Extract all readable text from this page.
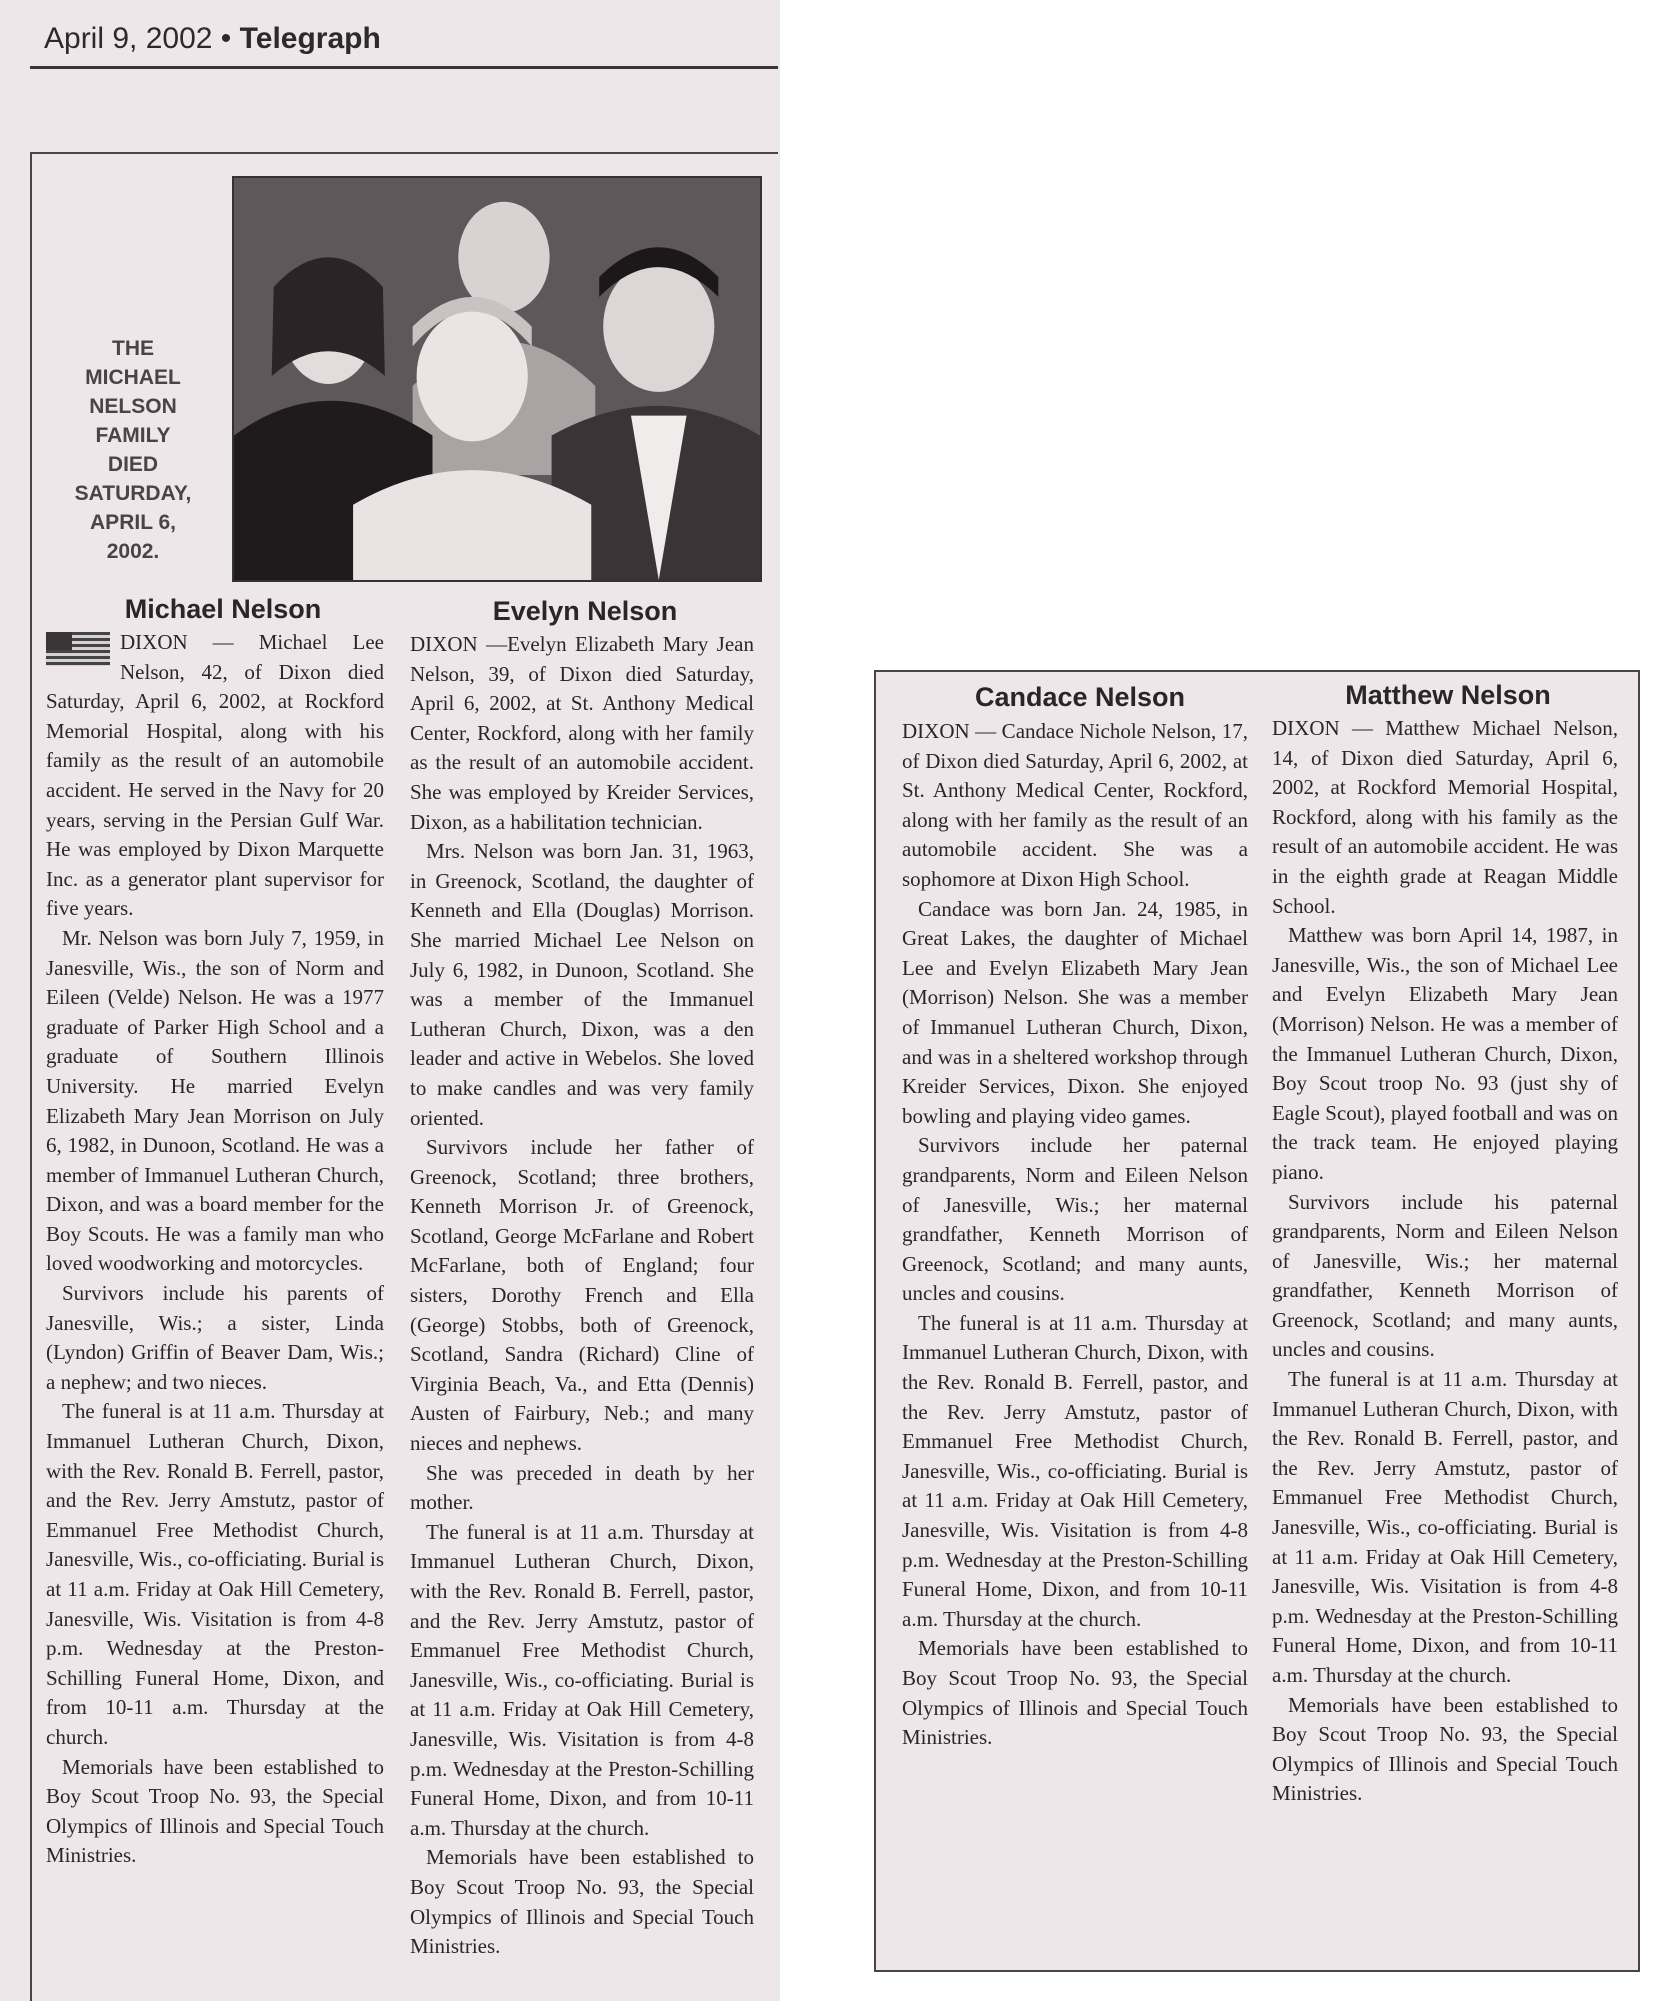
April 9, 2002 • Telegraph
THE
MICHAEL
NELSON
FAMILY
DIED
SATURDAY,
APRIL 6,
2002.
Michael Nelson

DIXON — Michael Lee Nelson, 42, of Dixon died Saturday, April 6, 2002, at Rockford Memorial Hospital, along with his family as the result of an automobile accident. He served in the Navy for 20 years, serving in the Persian Gulf War. He was employed by Dixon Marquette Inc. as a generator plant supervisor for five years.

Mr. Nelson was born July 7, 1959, in Janesville, Wis., the son of Norm and Eileen (Velde) Nelson. He was a 1977 graduate of Parker High School and a graduate of Southern Illinois University. He married Evelyn Elizabeth Mary Jean Morrison on July 6, 1982, in Dunoon, Scotland. He was a member of Immanuel Lutheran Church, Dixon, and was a board member for the Boy Scouts. He was a family man who loved woodworking and motorcycles.

Survivors include his parents of Janesville, Wis.; a sister, Linda (Lyndon) Griffin of Beaver Dam, Wis.; a nephew; and two nieces.

The funeral is at 11 a.m. Thursday at Immanuel Lutheran Church, Dixon, with the Rev. Ronald B. Ferrell, pastor, and the Rev. Jerry Amstutz, pastor of Emmanuel Free Methodist Church, Janesville, Wis., co-officiating. Burial is at 11 a.m. Friday at Oak Hill Cemetery, Janesville, Wis. Visitation is from 4-8 p.m. Wednesday at the Preston-Schilling Funeral Home, Dixon, and from 10-11 a.m. Thursday at the church.

Memorials have been established to Boy Scout Troop No. 93, the Special Olympics of Illinois and Special Touch Ministries.

Evelyn Nelson

DIXON —Evelyn Elizabeth Mary Jean Nelson, 39, of Dixon died Saturday, April 6, 2002, at St. Anthony Medical Center, Rockford, along with her family as the result of an automobile accident. She was employed by Kreider Services, Dixon, as a habilitation technician.

Mrs. Nelson was born Jan. 31, 1963, in Greenock, Scotland, the daughter of Kenneth and Ella (Douglas) Morrison. She married Michael Lee Nelson on July 6, 1982, in Dunoon, Scotland. She was a member of the Immanuel Lutheran Church, Dixon, was a den leader and active in Webelos. She loved to make candles and was very family oriented.

Survivors include her father of Greenock, Scotland; three brothers, Kenneth Morrison Jr. of Greenock, Scotland, George McFarlane and Robert McFarlane, both of England; four sisters, Dorothy French and Ella (George) Stobbs, both of Greenock, Scotland, Sandra (Richard) Cline of Virginia Beach, Va., and Etta (Dennis) Austen of Fairbury, Neb.; and many nieces and nephews.

She was preceded in death by her mother.

The funeral is at 11 a.m. Thursday at Immanuel Lutheran Church, Dixon, with the Rev. Ronald B. Ferrell, pastor, and the Rev. Jerry Amstutz, pastor of Emmanuel Free Methodist Church, Janesville, Wis., co-officiating. Burial is at 11 a.m. Friday at Oak Hill Cemetery, Janesville, Wis. Visitation is from 4-8 p.m. Wednesday at the Preston-Schilling Funeral Home, Dixon, and from 10-11 a.m. Thursday at the church.

Memorials have been established to Boy Scout Troop No. 93, the Special Olympics of Illinois and Special Touch Ministries.

Candace Nelson

DIXON — Candace Nichole Nelson, 17, of Dixon died Saturday, April 6, 2002, at St. Anthony Medical Center, Rockford, along with her family as the result of an automobile accident. She was a sophomore at Dixon High School.

Candace was born Jan. 24, 1985, in Great Lakes, the daughter of Michael Lee and Evelyn Elizabeth Mary Jean (Morrison) Nelson. She was a member of Immanuel Lutheran Church, Dixon, and was in a sheltered workshop through Kreider Services, Dixon. She enjoyed bowling and playing video games.

Survivors include her paternal grandparents, Norm and Eileen Nelson of Janesville, Wis.; her maternal grandfather, Kenneth Morrison of Greenock, Scotland; and many aunts, uncles and cousins.

The funeral is at 11 a.m. Thursday at Immanuel Lutheran Church, Dixon, with the Rev. Ronald B. Ferrell, pastor, and the Rev. Jerry Amstutz, pastor of Emmanuel Free Methodist Church, Janesville, Wis., co-officiating. Burial is at 11 a.m. Friday at Oak Hill Cemetery, Janesville, Wis. Visitation is from 4-8 p.m. Wednesday at the Preston-Schilling Funeral Home, Dixon, and from 10-11 a.m. Thursday at the church.

Memorials have been established to Boy Scout Troop No. 93, the Special Olympics of Illinois and Special Touch Ministries.

Matthew Nelson

DIXON — Matthew Michael Nelson, 14, of Dixon died Saturday, April 6, 2002, at Rockford Memorial Hospital, Rockford, along with his family as the result of an automobile accident. He was in the eighth grade at Reagan Middle School.

Matthew was born April 14, 1987, in Janesville, Wis., the son of Michael Lee and Evelyn Elizabeth Mary Jean (Morrison) Nelson. He was a member of the Immanuel Lutheran Church, Dixon, Boy Scout troop No. 93 (just shy of Eagle Scout), played football and was on the track team. He enjoyed playing piano.

Survivors include his paternal grandparents, Norm and Eileen Nelson of Janesville, Wis.; her maternal grandfather, Kenneth Morrison of Greenock, Scotland; and many aunts, uncles and cousins.

The funeral is at 11 a.m. Thursday at Immanuel Lutheran Church, Dixon, with the Rev. Ronald B. Ferrell, pastor, and the Rev. Jerry Amstutz, pastor of Emmanuel Free Methodist Church, Janesville, Wis., co-officiating. Burial is at 11 a.m. Friday at Oak Hill Cemetery, Janesville, Wis. Visitation is from 4-8 p.m. Wednesday at the Preston-Schilling Funeral Home, Dixon, and from 10-11 a.m. Thursday at the church.

Memorials have been established to Boy Scout Troop No. 93, the Special Olympics of Illinois and Special Touch Ministries.
